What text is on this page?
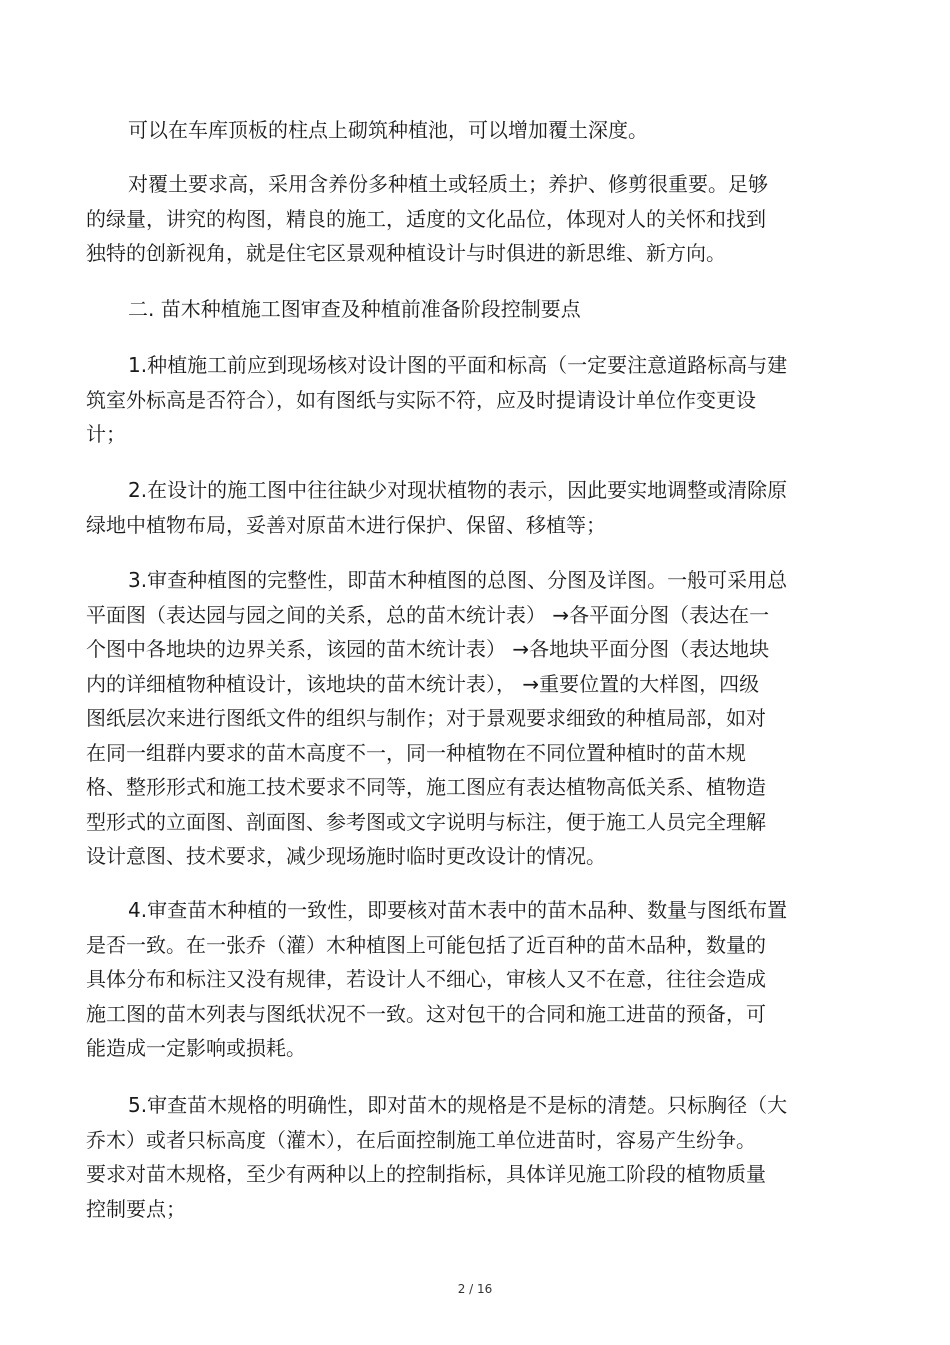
可以在车库顶板的柱点上砌筑种植池，可以增加覆土深度。
对覆土要求高，采用含养份多种植土或轻质土；养护、修剪很重要。足够
的绿量，讲究的构图，精良的施工，适度的文化品位，体现对人的关怀和找到
独特的创新视角，就是住宅区景观种植设计与时俱进的新思维、新方向。
二. 苗木种植施工图审查及种植前准备阶段控制要点
1.种植施工前应到现场核对设计图的平面和标高（一定要注意道路标高与建
筑室外标高是否符合），如有图纸与实际不符，应及时提请设计单位作变更设
计；
2.在设计的施工图中往往缺少对现状植物的表示，因此要实地调整或清除原
绿地中植物布局，妥善对原苗木进行保护、保留、移植等；
3.审查种植图的完整性，即苗木种植图的总图、分图及详图。一般可采用总
平面图（表达园与园之间的关系，总的苗木统计表） →各平面分图（表达在一
个图中各地块的边界关系，该园的苗木统计表） →各地块平面分图（表达地块
内的详细植物种植设计，该地块的苗木统计表）， →重要位置的大样图，四级
图纸层次来进行图纸文件的组织与制作；对于景观要求细致的种植局部，如对
在同一组群内要求的苗木高度不一，同一种植物在不同位置种植时的苗木规
格、整形形式和施工技术要求不同等，施工图应有表达植物高低关系、植物造
型形式的立面图、剖面图、参考图或文字说明与标注，便于施工人员完全理解
设计意图、技术要求，减少现场施时临时更改设计的情况。
4.审查苗木种植的一致性，即要核对苗木表中的苗木品种、数量与图纸布置
是否一致。在一张乔（灌）木种植图上可能包括了近百种的苗木品种，数量的
具体分布和标注又没有规律，若设计人不细心，审核人又不在意，往往会造成
施工图的苗木列表与图纸状况不一致。这对包干的合同和施工进苗的预备，可
能造成一定影响或损耗。
5.审查苗木规格的明确性，即对苗木的规格是不是标的清楚。只标胸径（大
乔木）或者只标高度（灌木），在后面控制施工单位进苗时，容易产生纷争。
要求对苗木规格，至少有两种以上的控制指标，具体详见施工阶段的植物质量
控制要点；
2 / 16
